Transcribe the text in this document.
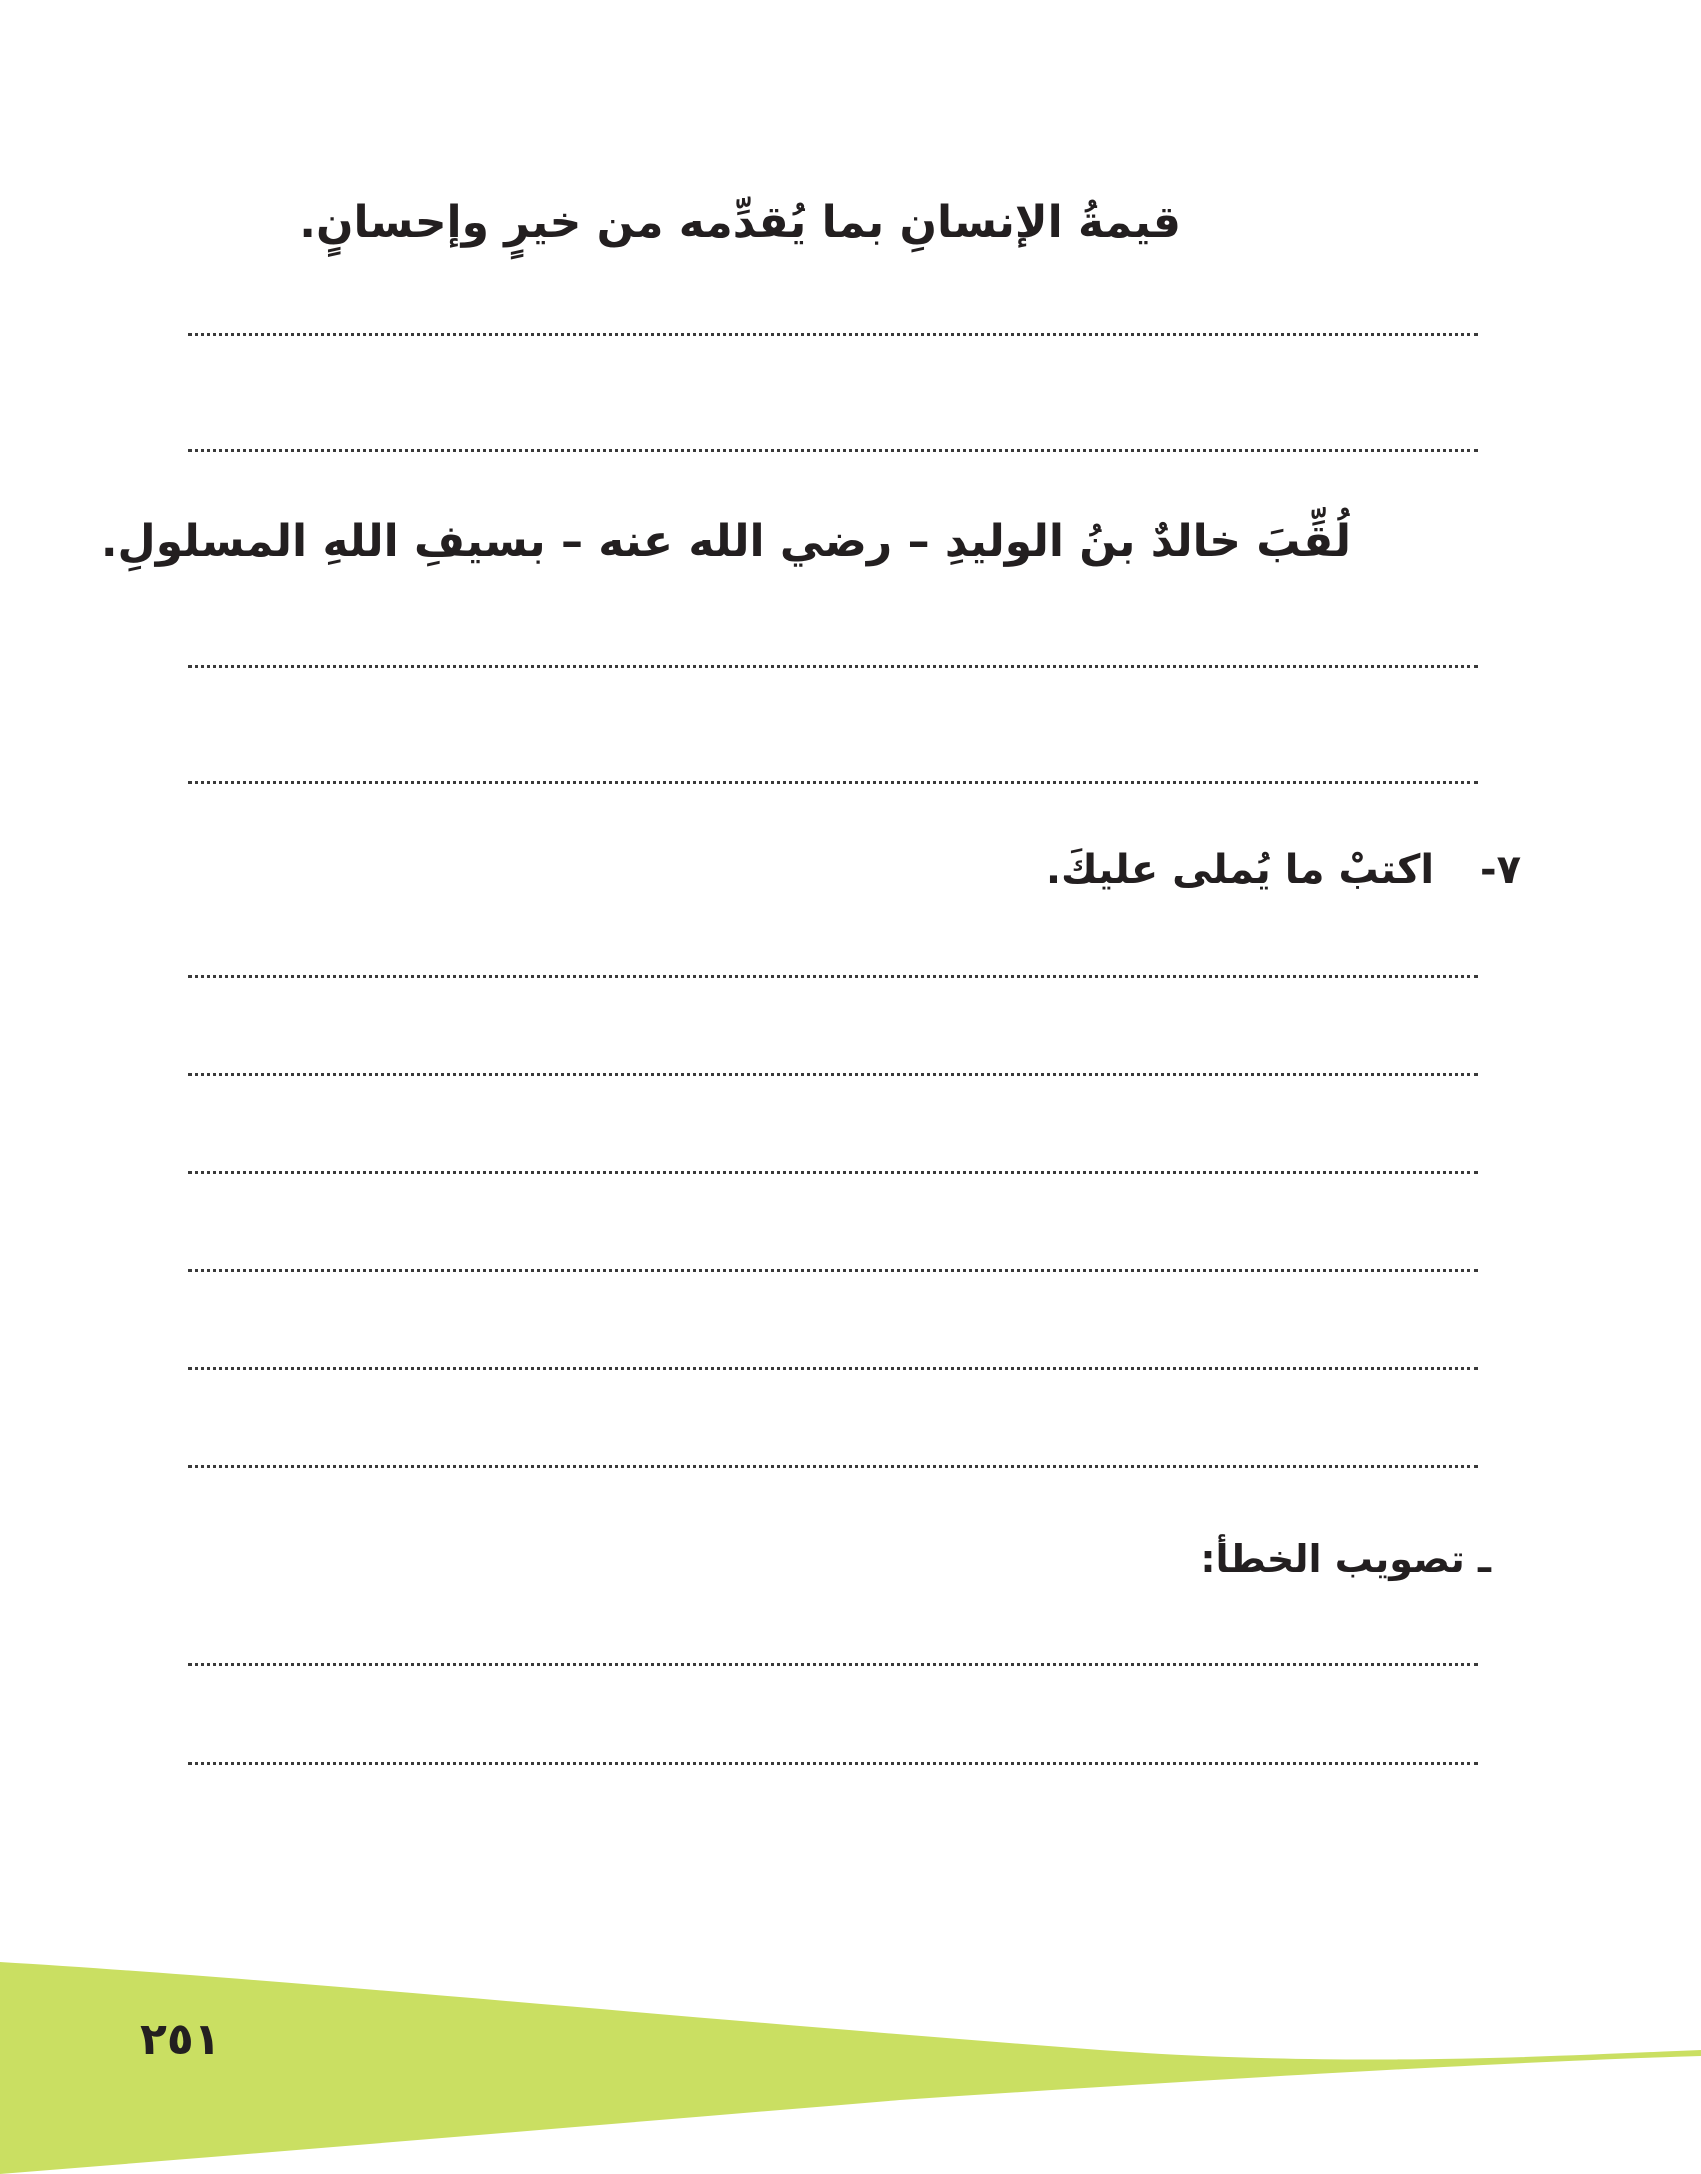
قيمةُ الإنسانِ بما يُقدِّمه من خيرٍ وإحسانٍ.
لُقِّبَ خالدٌ بنُ الوليدِ – رضي الله عنه – بسيفِ اللهِ المسلولِ.
٧-  اكتبْ ما يُملى عليكَ.
ـ تصويب الخطأ:
٢٥١
